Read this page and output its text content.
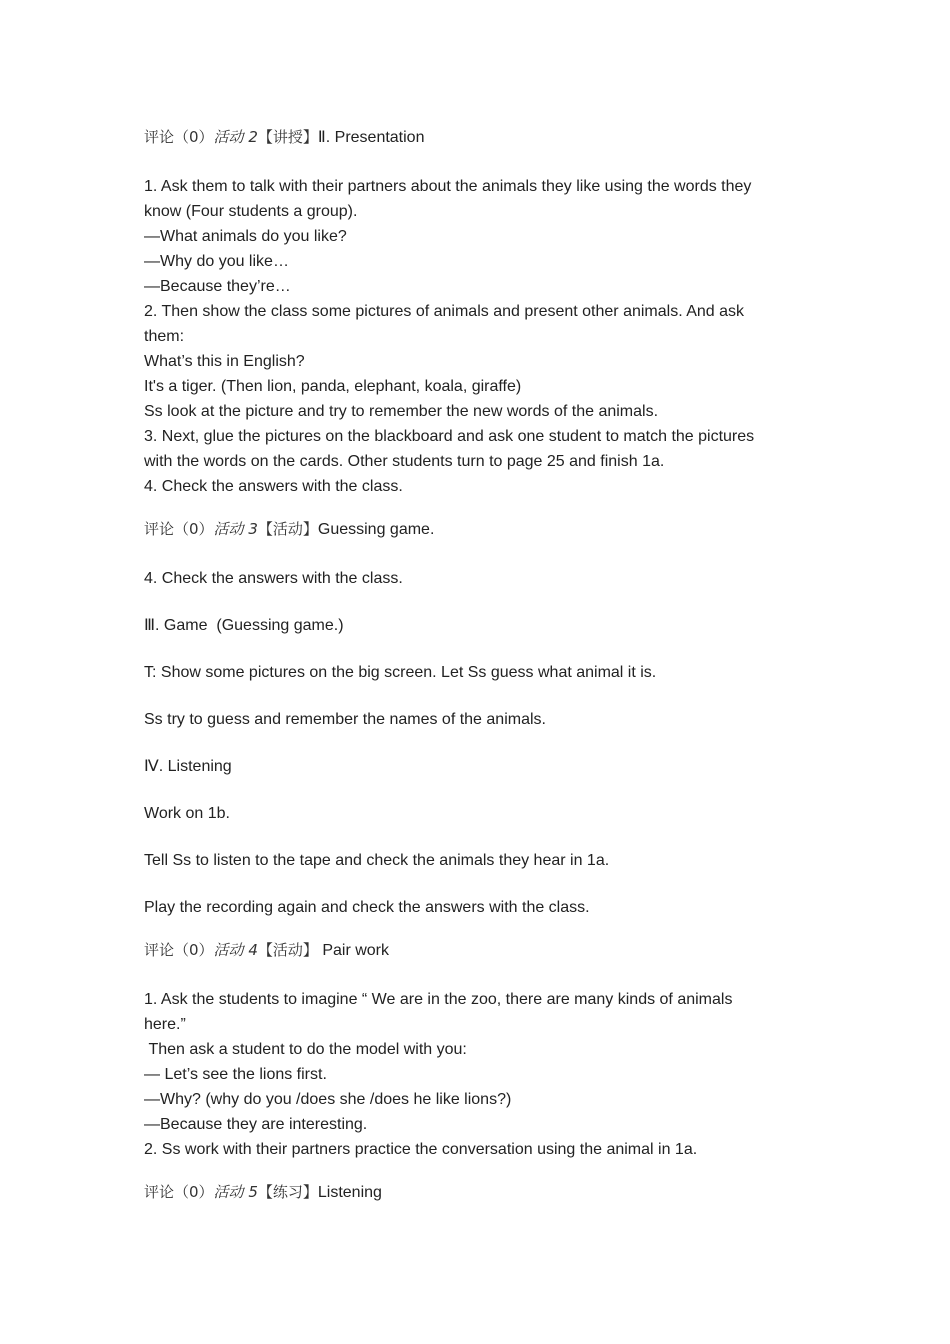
评论（0）活动 2【讲授】Ⅱ. Presentation

1. Ask them to talk with their partners about the animals they like using the words they

know (Four students a group).

—What animals do you like?

—Why do you like…

—Because they’re…

2. Then show the class some pictures of animals and present other animals. And ask

them:

What’s this in English?

It's a tiger. (Then lion, panda, elephant, koala, giraffe)

Ss look at the picture and try to remember the new words of the animals.

3. Next, glue the pictures on the blackboard and ask one student to match the pictures

with the words on the cards. Other students turn to page 25 and finish 1a.

4. Check the answers with the class.

评论（0）活动 3【活动】Guessing game.

4. Check the answers with the class.

Ⅲ. Game  (Guessing game.)

T: Show some pictures on the big screen. Let Ss guess what animal it is.

Ss try to guess and remember the names of the animals.

Ⅳ. Listening

Work on 1b.

Tell Ss to listen to the tape and check the animals they hear in 1a.

Play the recording again and check the answers with the class.

评论（0）活动 4【活动】 Pair work

1. Ask the students to imagine “ We are in the zoo, there are many kinds of animals

here.”

Then ask a student to do the model with you:

— Let’s see the lions first.

—Why? (why do you /does she /does he like lions?)

—Because they are interesting.

2. Ss work with their partners practice the conversation using the animal in 1a.

评论（0）活动 5【练习】Listening
